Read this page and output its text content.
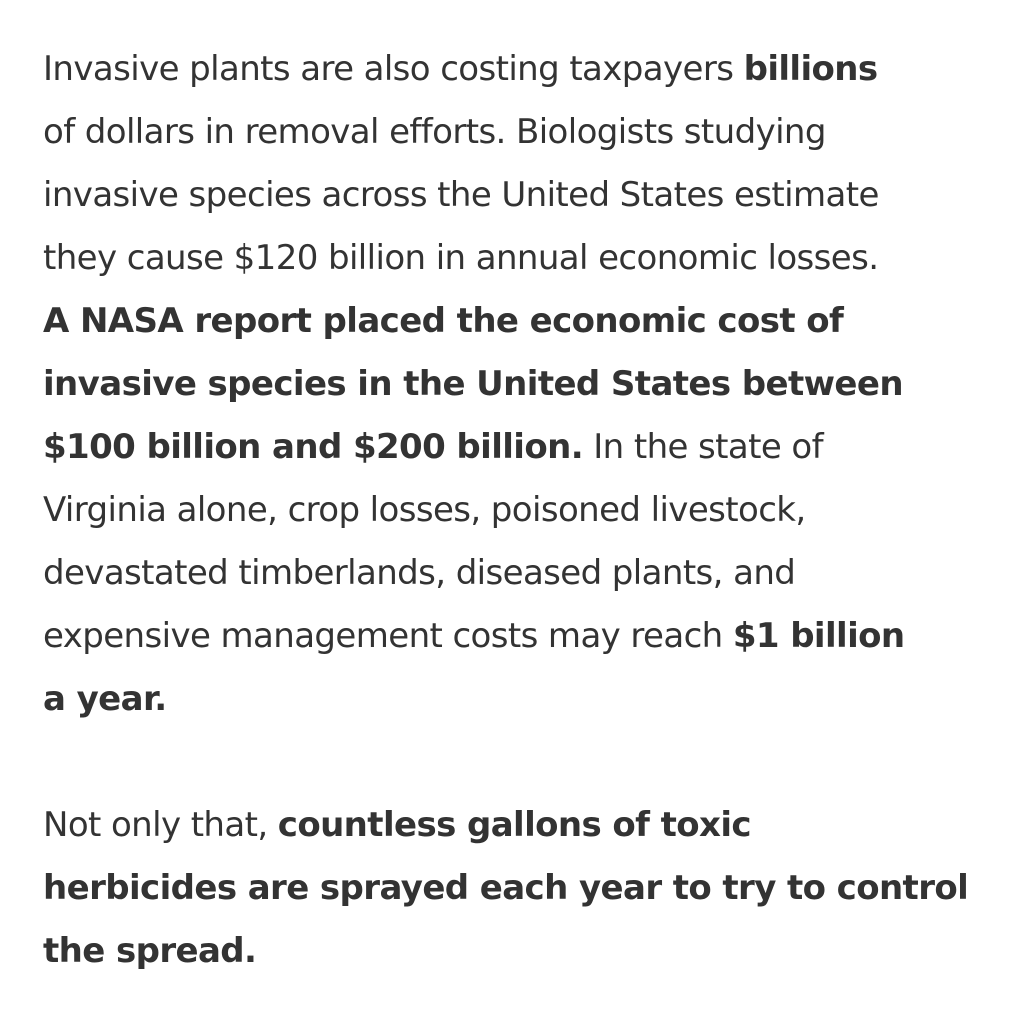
Invasive plants are also costing taxpayers billions
of dollars in removal efforts. Biologists studying
invasive species across the United States estimate
they cause $120 billion in annual economic losses.
A NASA report placed the economic cost of
invasive species in the United States between
$100 billion and $200 billion. In the state of
Virginia alone, crop losses, poisoned livestock,
devastated timberlands, diseased plants, and
expensive management costs may reach $1 billion
a year.

Not only that, countless gallons of toxic
herbicides are sprayed each year to try to control
the spread.
